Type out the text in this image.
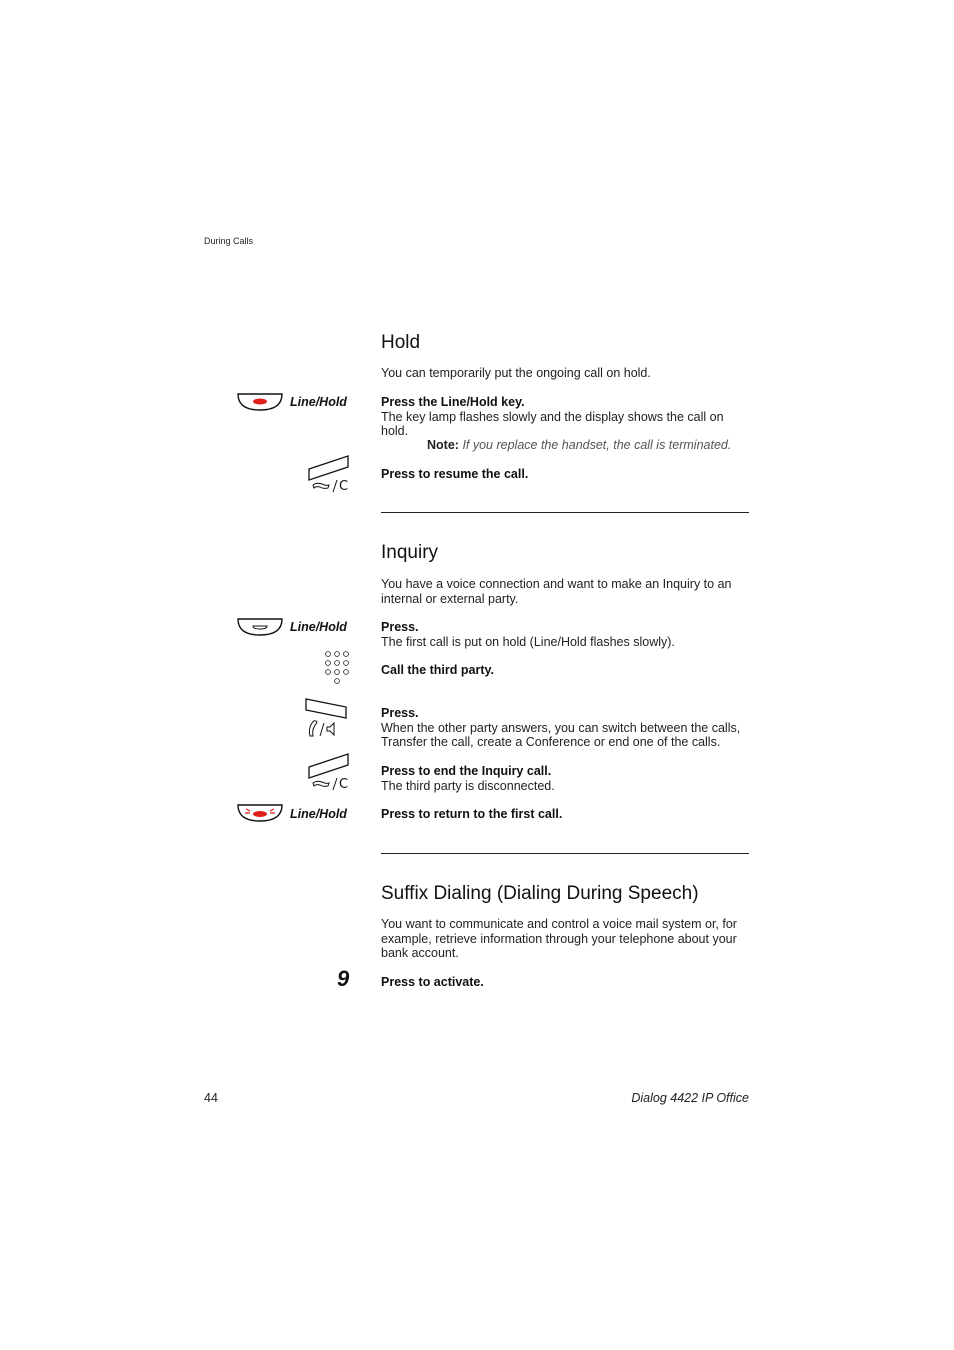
During Calls
Hold
You can temporarily put the ongoing call on hold.
Line/Hold	Press the Line/Hold key.
The key lamp flashes slowly and the display shows the call on hold.
Note: If you replace the handset, the call is terminated.
C
Press to resume the call.
Inquiry
You have a voice connection and want to make an Inquiry to an internal or external party.
Line/Hold	Press.
The first call is put on hold (Line/Hold flashes slowly).
Call the third party.
Press.
When the other party answers, you can switch between the calls, Transfer the call, create a Conference or end one of the calls.
C
Press to end the Inquiry call.
The third party is disconnected.
Line/Hold	Press to return to the first call.
Suffix Dialing (Dialing During Speech)
You want to communicate and control a voice mail system or, for example, retrieve information through your telephone about your bank account.
9	Press to activate.
44	Dialog 4422 IP Office
